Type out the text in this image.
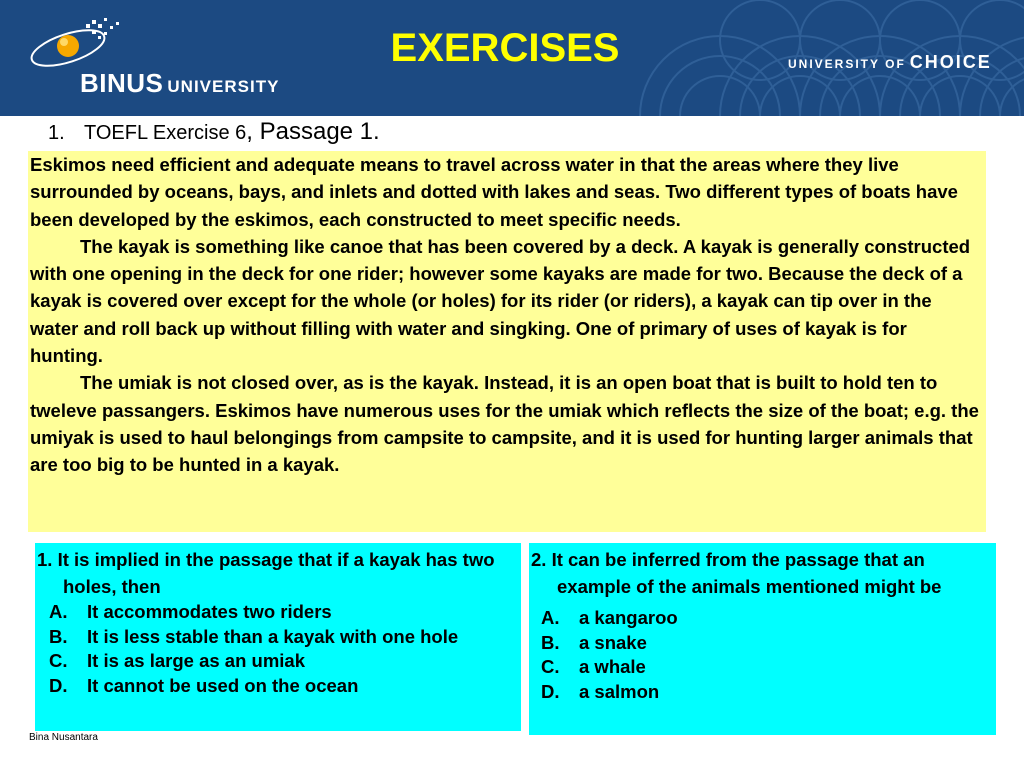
BINUS UNIVERSITY
EXERCISES	UNIVERSITY OF CHOICE
1. TOEFL Exercise 6, Passage 1.

Eskimos need efficient and adequate means to travel across water in that the areas where they live surrounded by oceans, bays, and inlets and dotted with lakes and seas. Two different types of boats have been developed by the eskimos, each constructed to meet specific needs.

The kayak is something like canoe that has been covered by a deck. A kayak is generally constructed with one opening in the deck for one rider; however some kayaks are made for two. Because the deck of a kayak is covered over except for the whole (or holes) for its rider (or riders), a kayak can tip over in the water and roll back up without filling with water and singking. One of primary of uses of kayak is for hunting.

The umiak is not closed over, as is the kayak. Instead, it is an open boat that is built to hold ten to tweleve passangers. Eskimos have numerous uses for the umiak which reflects the size of the boat; e.g. the umiyak is used to haul belongings from campsite to campsite, and it is used for hunting larger animals that are too big to be hunted in a kayak.

1. It is implied in the passage that if a kayak has two holes, then

A.	It accommodates two riders
B.	It is less stable than a kayak with one hole
C.	It is as large as an umiak
D.	It cannot be used on the ocean

2. It can be inferred from the passage that an example of the animals mentioned might be

A.	a kangaroo
B.	a snake
C.	a whale
D.	a salmon
Bina Nusantara
